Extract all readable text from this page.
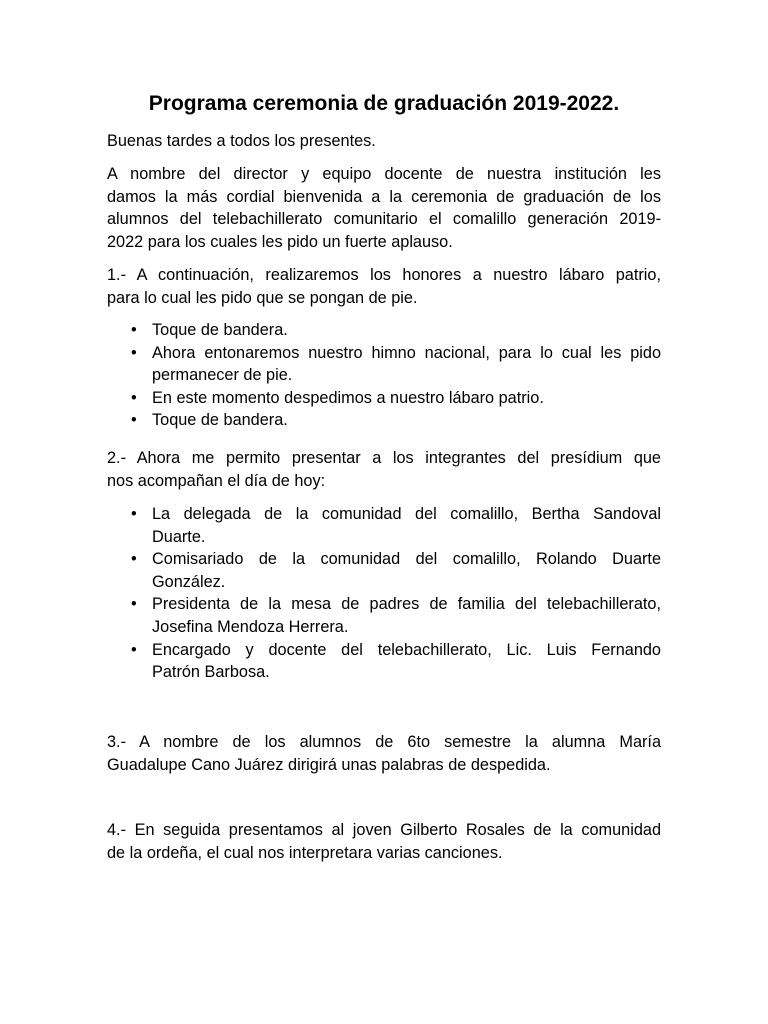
Programa ceremonia de graduación 2019-2022.

Buenas tardes a todos los presentes.

A nombre del director y equipo docente de nuestra institución les
damos la más cordial bienvenida a la ceremonia de graduación de los
alumnos del telebachillerato comunitario el comalillo generación 2019-
2022 para los cuales les pido un fuerte aplauso.

1.- A continuación, realizaremos los honores a nuestro lábaro patrio,
para lo cual les pido que se pongan de pie.

• Toque de bandera.
• Ahora entonaremos nuestro himno nacional, para lo cual les pido
permanecer de pie.
• En este momento despedimos a nuestro lábaro patrio.
• Toque de bandera.

2.- Ahora me permito presentar a los integrantes del presídium que
nos acompañan el día de hoy:

• La delegada de la comunidad del comalillo, Bertha Sandoval
Duarte.
• Comisariado de la comunidad del comalillo, Rolando Duarte
González.
• Presidenta de la mesa de padres de familia del telebachillerato,
Josefina Mendoza Herrera.
• Encargado y docente del telebachillerato, Lic. Luis Fernando
Patrón Barbosa.

3.- A nombre de los alumnos de 6to semestre la alumna María
Guadalupe Cano Juárez dirigirá unas palabras de despedida.

4.- En seguida presentamos al joven Gilberto Rosales de la comunidad
de la ordeña, el cual nos interpretara varias canciones.
